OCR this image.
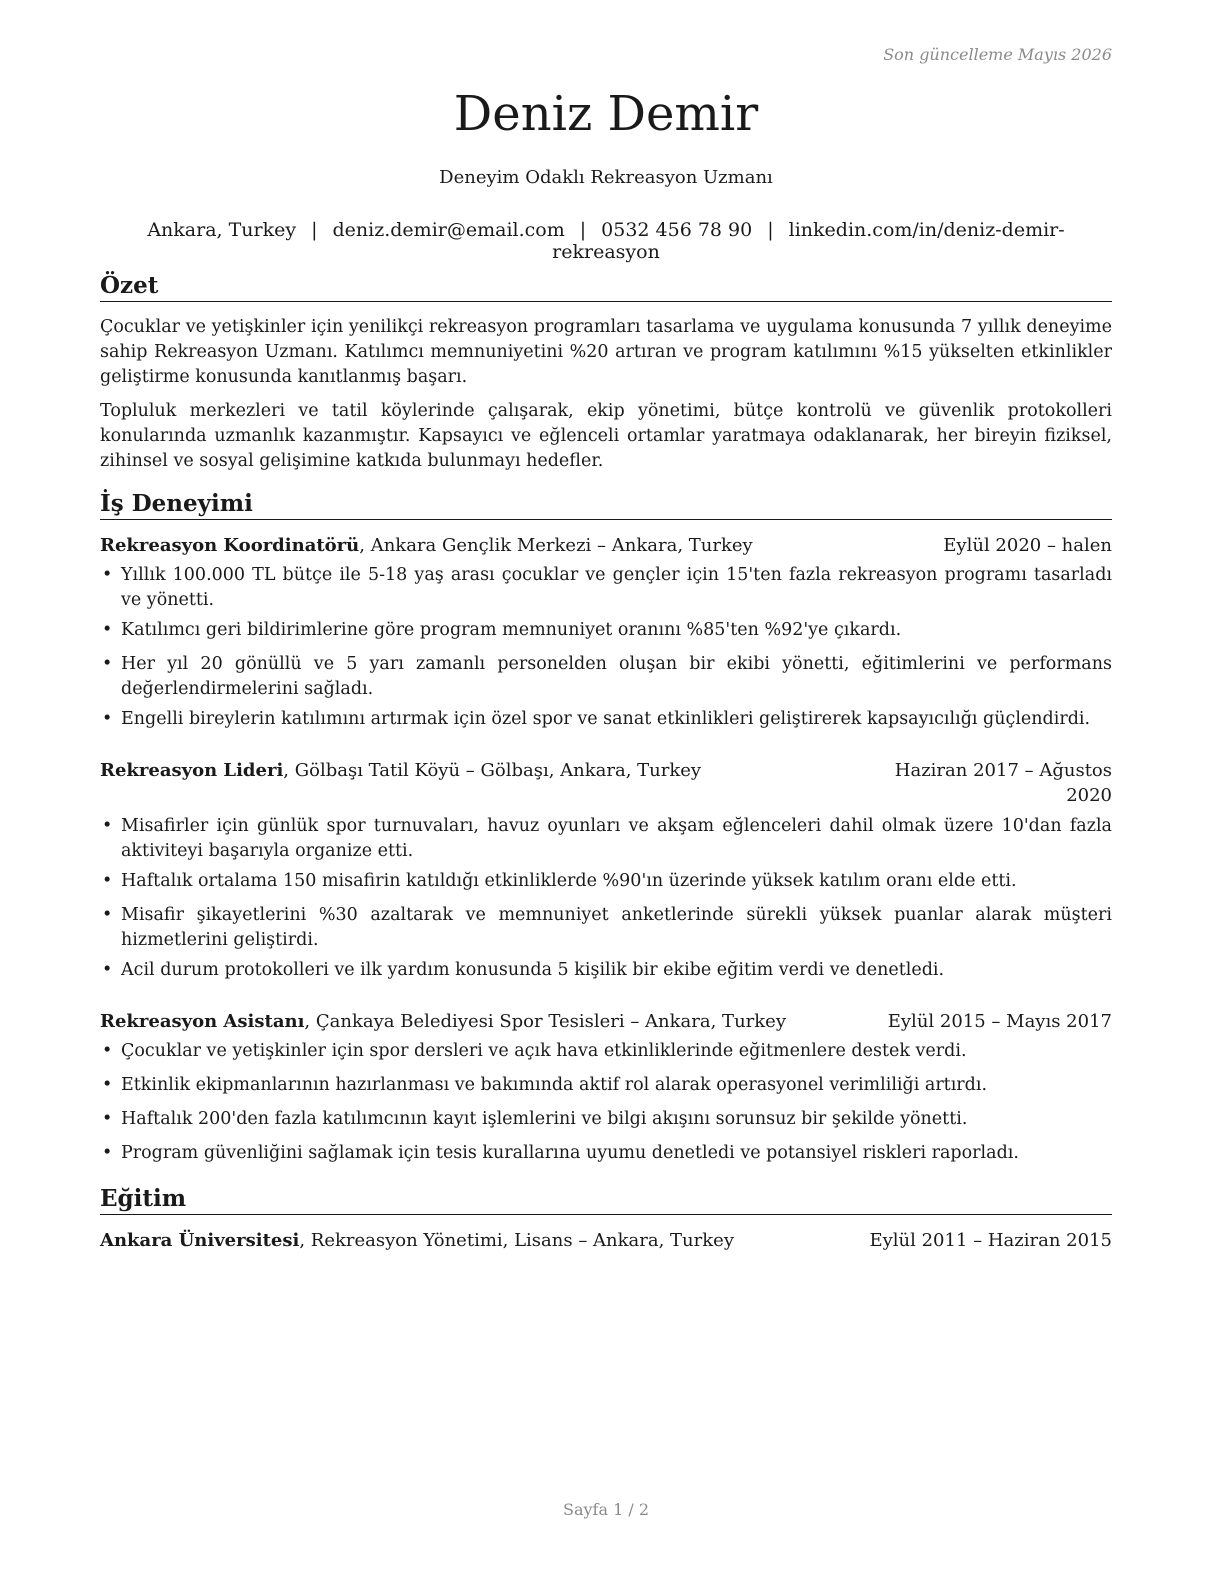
Son güncelleme Mayıs 2026
Deniz Demir
Deneyim Odaklı Rekreasyon Uzmanı
Ankara, Turkey | deniz.demir@email.com | 0532 456 78 90 | linkedin.com/in/deniz-demir-rekreasyon
Özet

Çocuklar ve yetişkinler için yenilikçi rekreasyon programları tasarlama ve uygulama konusunda 7 yıllık deneyime sahip Rekreasyon Uzmanı. Katılımcı memnuniyetini %20 artıran ve program katılımını %15 yükselten etkinlikler geliştirme konusunda kanıtlanmış başarı.

Topluluk merkezleri ve tatil köylerinde çalışarak, ekip yönetimi, bütçe kontrolü ve güvenlik protokolleri konularında uzmanlık kazanmıştır. Kapsayıcı ve eğlenceli ortamlar yaratmaya odaklanarak, her bireyin fiziksel, zihinsel ve sosyal gelişimine katkıda bulunmayı hedefler.

İş Deneyimi
Rekreasyon Koordinatörü, Ankara Gençlik Merkezi – Ankara, Turkey	Eylül 2020 – halen
• Yıllık 100.000 TL bütçe ile 5-18 yaş arası çocuklar ve gençler için 15'ten fazla rekreasyon programı tasarladı ve yönetti.
• Katılımcı geri bildirimlerine göre program memnuniyet oranını %85'ten %92'ye çıkardı.
• Her yıl 20 gönüllü ve 5 yarı zamanlı personelden oluşan bir ekibi yönetti, eğitimlerini ve performans değerlendirmelerini sağladı.
• Engelli bireylerin katılımını artırmak için özel spor ve sanat etkinlikleri geliştirerek kapsayıcılığı güçlendirdi.
Rekreasyon Lideri, Gölbaşı Tatil Köyü – Gölbaşı, Ankara, Turkey	Haziran 2017 – Ağustos 2020
• Misafirler için günlük spor turnuvaları, havuz oyunları ve akşam eğlenceleri dahil olmak üzere 10'dan fazla aktiviteyi başarıyla organize etti.
• Haftalık ortalama 150 misafirin katıldığı etkinliklerde %90'ın üzerinde yüksek katılım oranı elde etti.
• Misafir şikayetlerini %30 azaltarak ve memnuniyet anketlerinde sürekli yüksek puanlar alarak müşteri hizmetlerini geliştirdi.
• Acil durum protokolleri ve ilk yardım konusunda 5 kişilik bir ekibe eğitim verdi ve denetledi.
Rekreasyon Asistanı, Çankaya Belediyesi Spor Tesisleri – Ankara, Turkey	Eylül 2015 – Mayıs 2017
• Çocuklar ve yetişkinler için spor dersleri ve açık hava etkinliklerinde eğitmenlere destek verdi.
• Etkinlik ekipmanlarının hazırlanması ve bakımında aktif rol alarak operasyonel verimliliği artırdı.
• Haftalık 200'den fazla katılımcının kayıt işlemlerini ve bilgi akışını sorunsuz bir şekilde yönetti.
• Program güvenliğini sağlamak için tesis kurallarına uyumu denetledi ve potansiyel riskleri raporladı.
Eğitim
Ankara Üniversitesi, Rekreasyon Yönetimi, Lisans – Ankara, Turkey	Eylül 2011 – Haziran 2015
Sayfa 1 / 2
